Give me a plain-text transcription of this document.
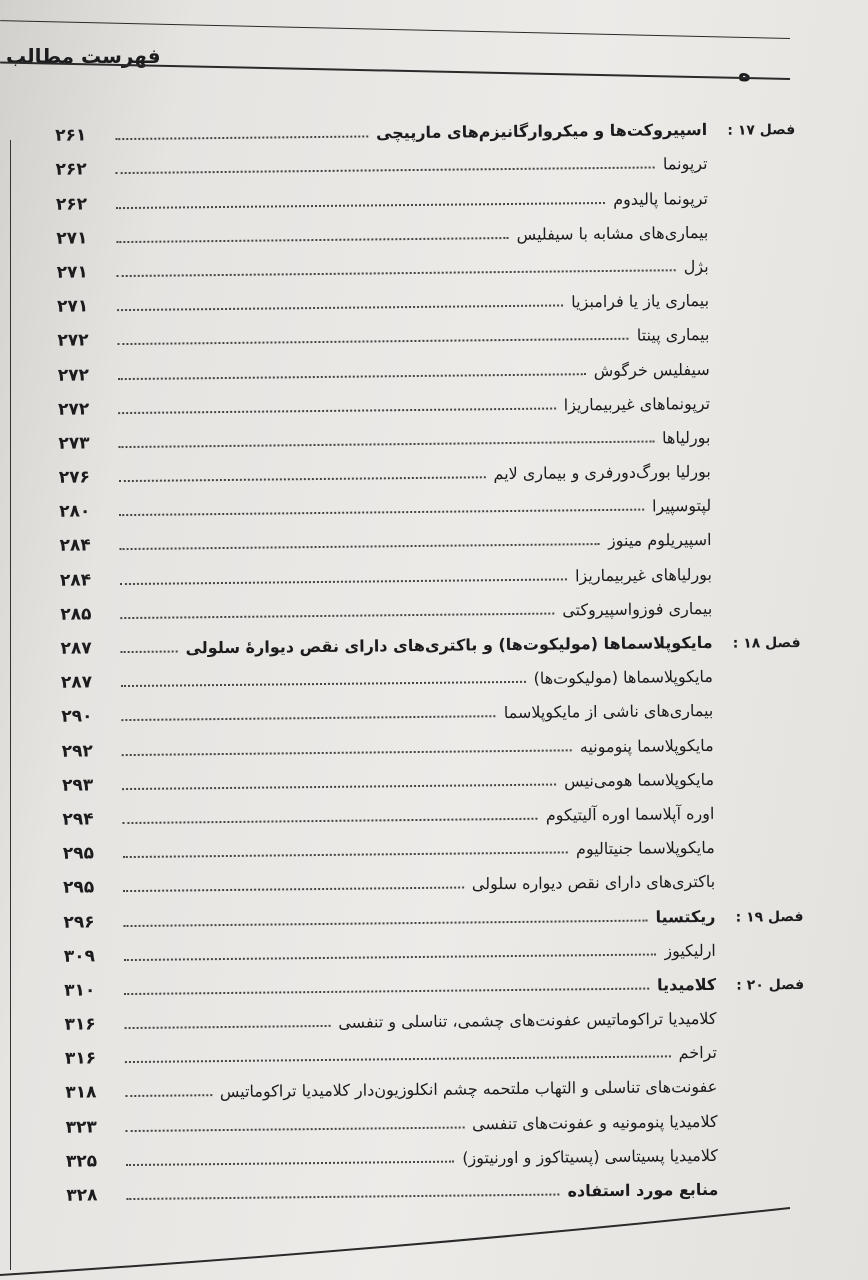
فهرست مطالب
ه
۲۶۱	اسپیروکت‌ها و میکروارگانیزم‌های مارپیچی	فصل ۱۷ :
۲۶۲	ترپونما
۲۶۲	ترپونما پالیدوم
۲۷۱	بیماری‌های مشابه با سیفلیس
۲۷۱	بژل
۲۷۱	بیماری یاز یا فرامبزیا
۲۷۲	بیماری پینتا
۲۷۲	سیفلیس خرگوش
۲۷۲	ترپونماهای غیربیماریزا
۲۷۳	بورلیاها
۲۷۶	بورلیا بورگ‌دورفری و بیماری لایم
۲۸۰	لپتوسپیرا
۲۸۴	اسپیریلوم مینوز
۲۸۴	بورلیاهای غیربیماریزا
۲۸۵	بیماری فوزواسپیروکتی
۲۸۷	مایکوپلاسماها (مولیکوت‌ها) و باکتری‌های دارای نقص دیوارهٔ سلولی	فصل ۱۸ :
۲۸۷	مایکوپلاسماها (مولیکوت‌ها)
۲۹۰	بیماری‌های ناشی از مایکوپلاسما
۲۹۲	مایکوپلاسما پنومونیه
۲۹۳	مایکوپلاسما هومی‌نیس
۲۹۴	اوره آپلاسما اوره آلیتیکوم
۲۹۵	مایکوپلاسما جنیتالیوم
۲۹۵	باکتری‌های دارای نقص دیواره سلولی
۲۹۶	ریکتسیا	فصل ۱۹ :
۳۰۹	ارلیکیوز
۳۱۰	کلامیدیا	فصل ۲۰ :
۳۱۶	کلامیدیا تراکوماتیس عفونت‌های چشمی، تناسلی و تنفسی
۳۱۶	تراخم
۳۱۸	عفونت‌های تناسلی و التهاب ملتحمه چشم انکلوزیون‌دار کلامیدیا تراکوماتیس
۳۲۳	کلامیدیا پنومونیه و عفونت‌های تنفسی
۳۲۵	کلامیدیا پسیتاسی (پسیتاکوز و اورنیتوز)
۳۲۸	منابع مورد استفاده
